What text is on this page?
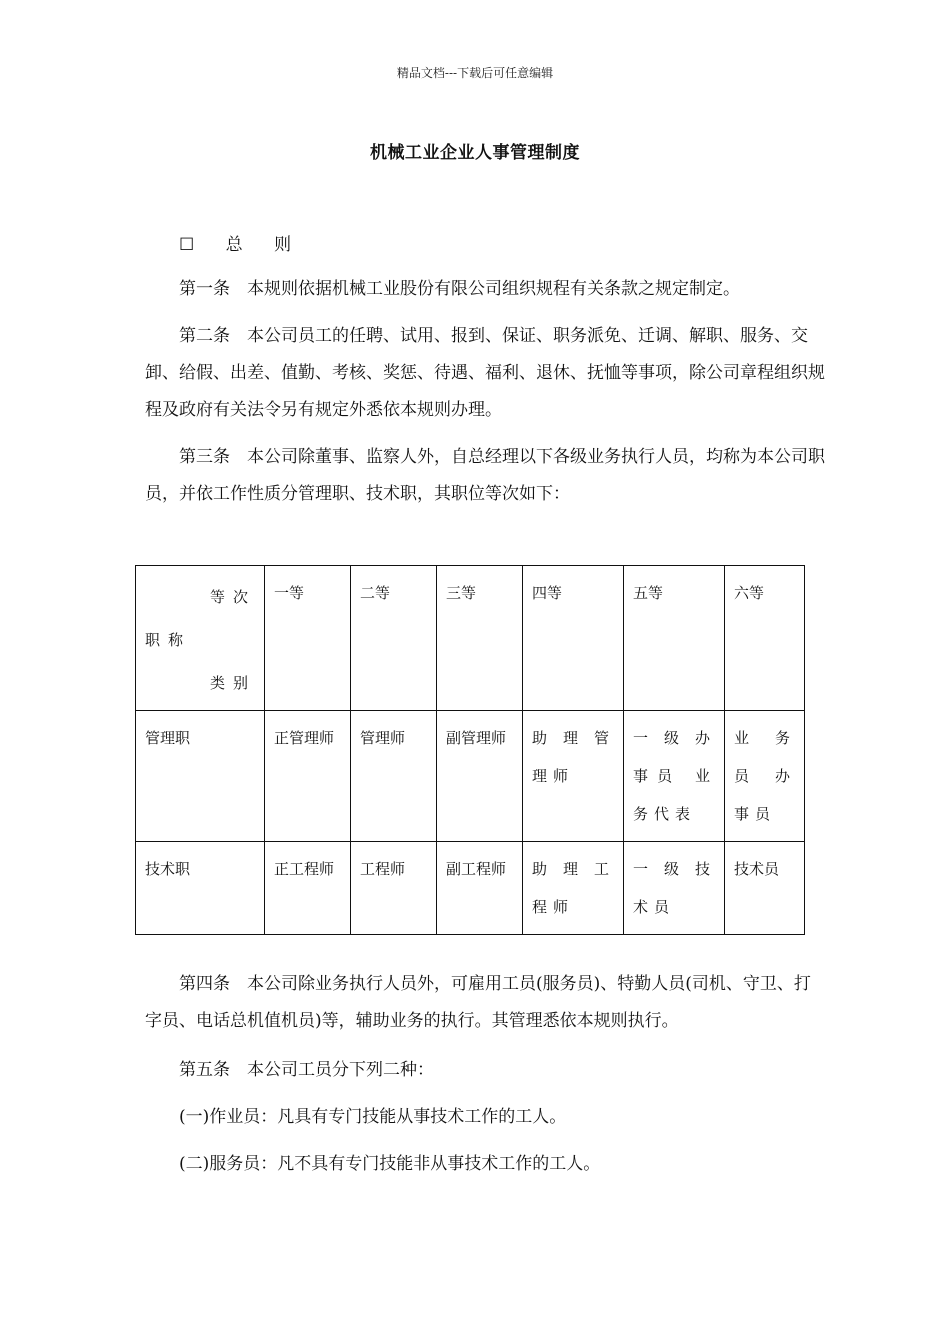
精品文档---下载后可任意编辑
机械工业企业人事管理制度
☐ 总 则
第一条　本规则依据机械工业股份有限公司组织规程有关条款之规定制定。
第二条　本公司员工的任聘、试用、报到、保证、职务派免、迁调、解职、服务、交卸、给假、出差、值勤、考核、奖惩、待遇、福利、退休、抚恤等事项，除公司章程组织规程及政府有关法令另有规定外悉依本规则办理。
第三条　本公司除董事、监察人外，自总经理以下各级业务执行人员，均称为本公司职员，并依工作性质分管理职、技术职，其职位等次如下：
等次
职称
类别	一等	二等	三等	四等	五等	六等
管理职	正管理师	管理师	副管理师	助理管理师	一级办事员 业务代表	业务员 办事员
技术职	正工程师	工程师	副工程师	助理工程师	一级技术员	技术员
第四条　本公司除业务执行人员外，可雇用工员(服务员)、特勤人员(司机、守卫、打字员、电话总机值机员)等，辅助业务的执行。其管理悉依本规则执行。
第五条　本公司工员分下列二种：
(一)作业员：凡具有专门技能从事技术工作的工人。
(二)服务员：凡不具有专门技能非从事技术工作的工人。
